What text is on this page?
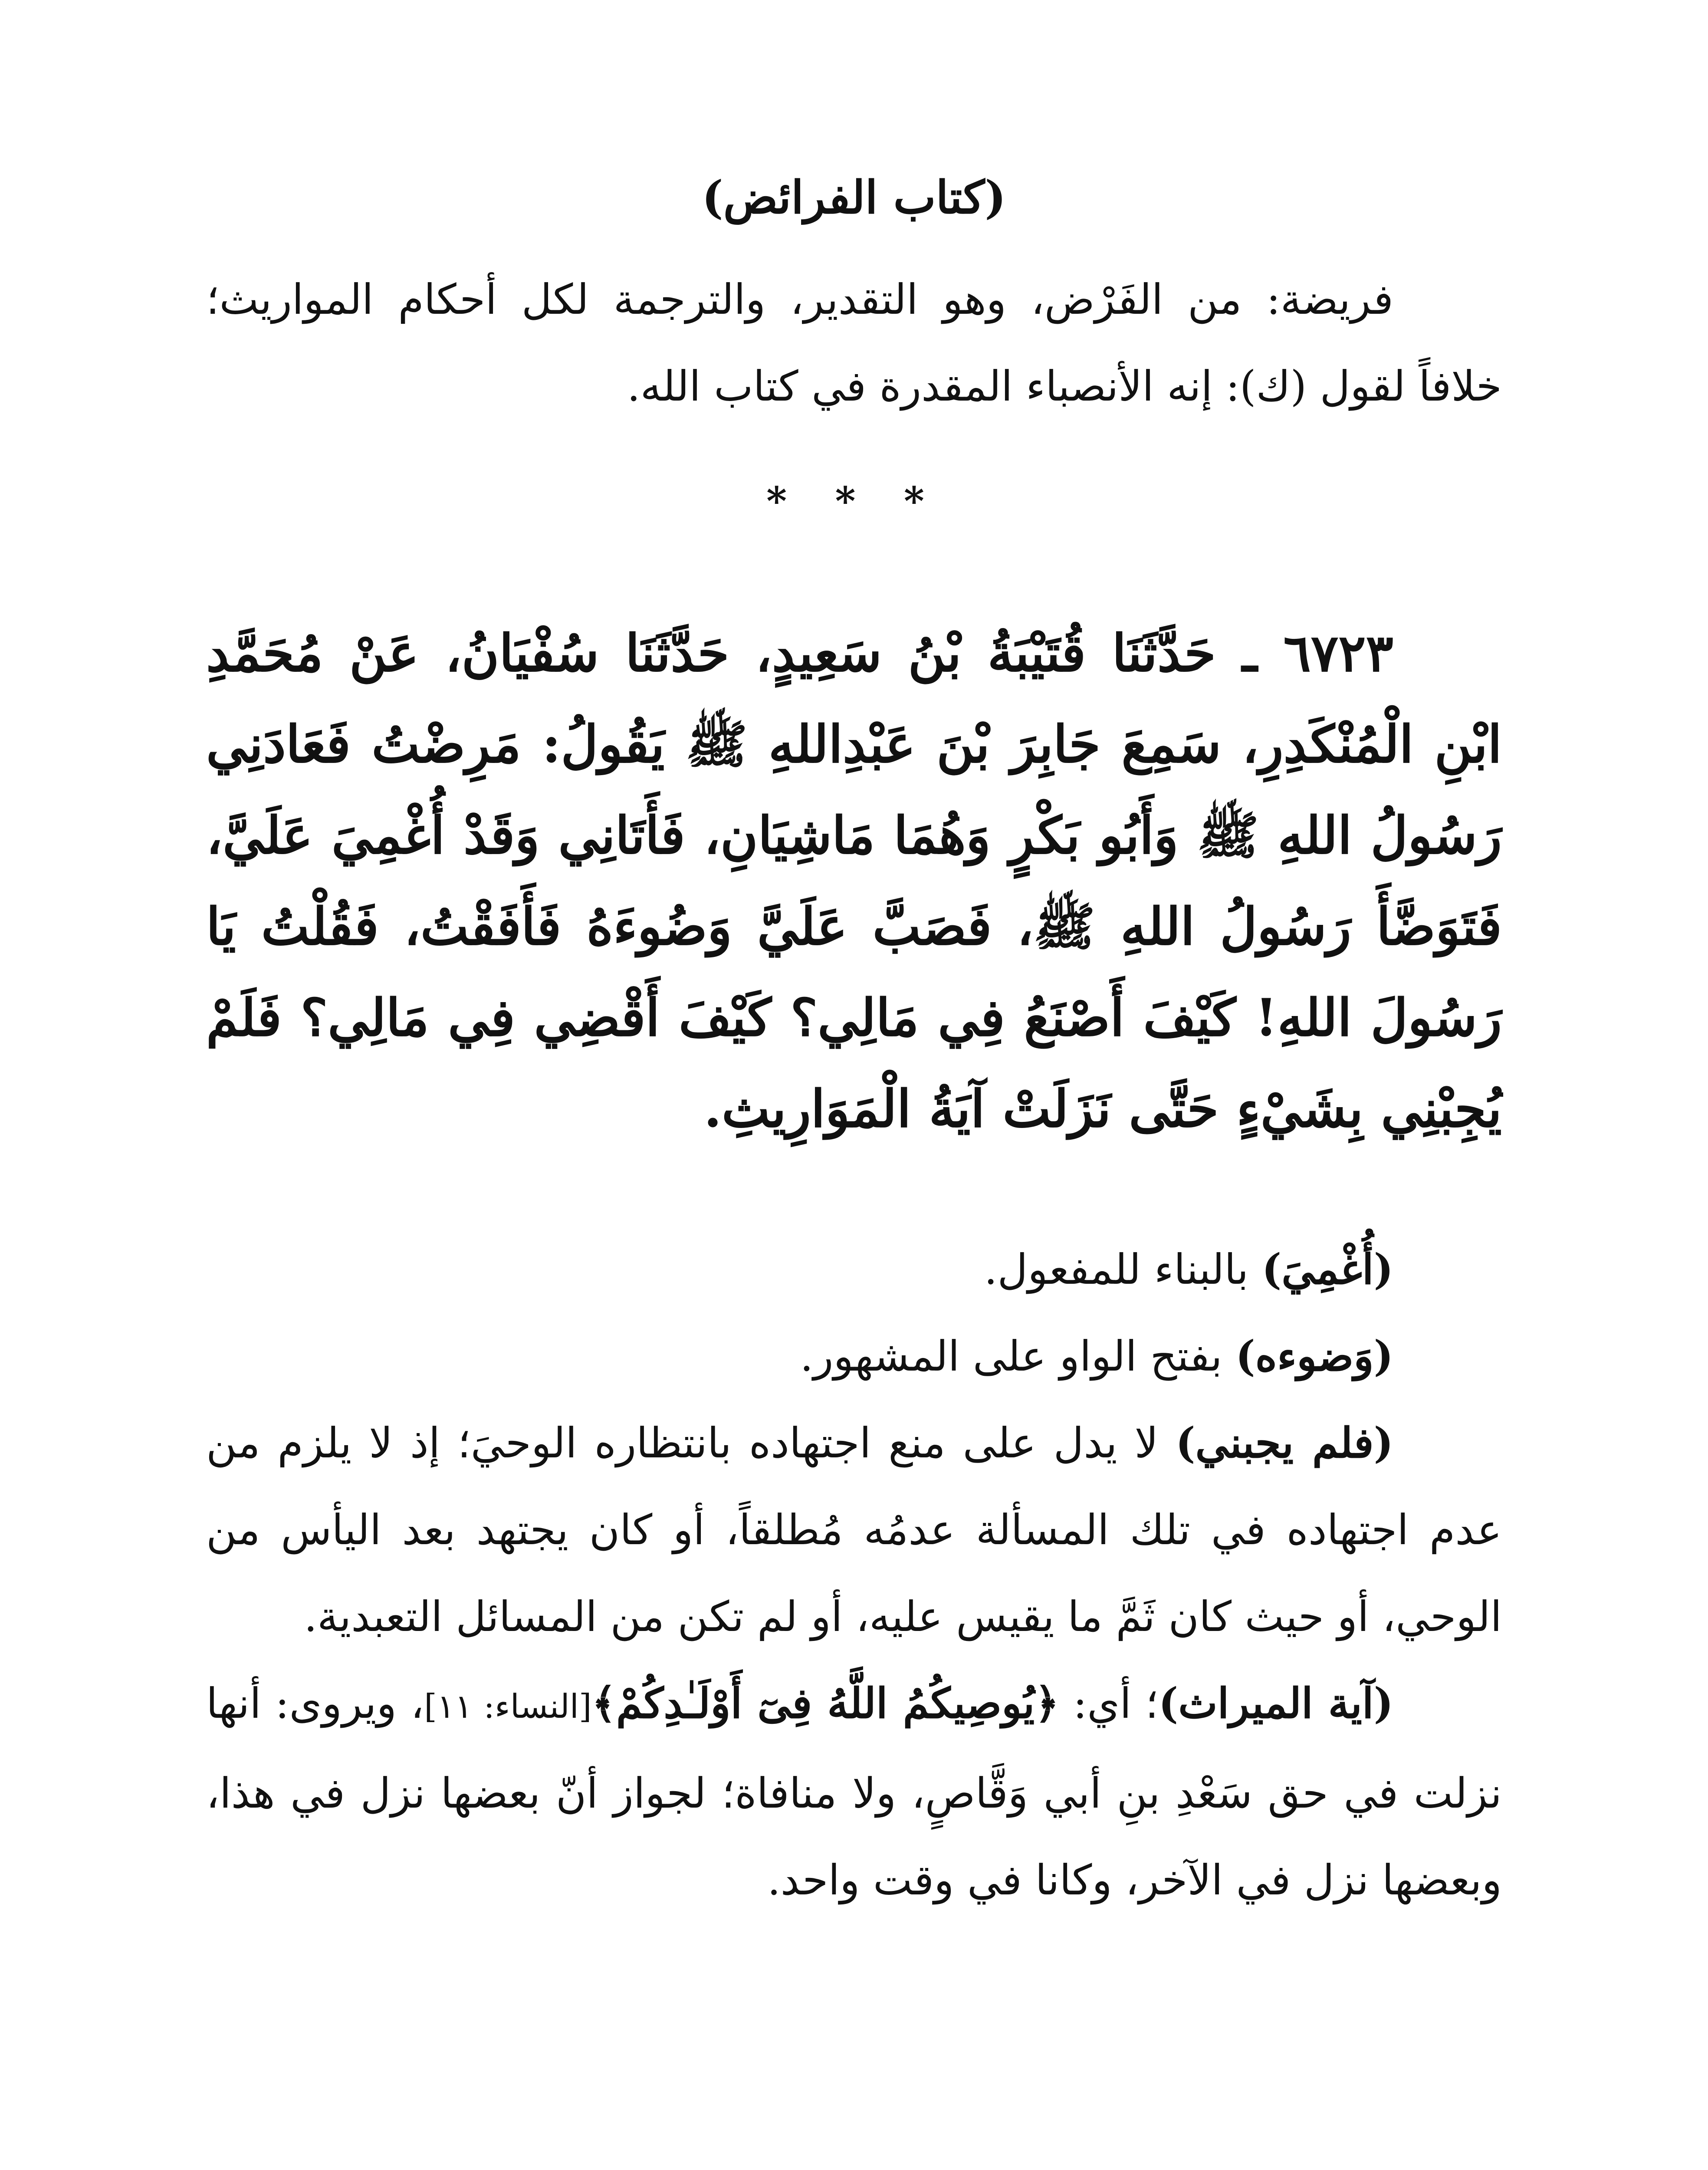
(كتاب الفرائض)

فريضة: من الفَرْض، وهو التقدير، والترجمة لكل أحكام المواريث؛ خلافاً لقول (ك): إنه الأنصباء المقدرة في كتاب الله.

* * *

٦٧٢٣ ـ حَدَّثَنَا قُتَيْبَةُ بْنُ سَعِيدٍ، حَدَّثَنَا سُفْيَانُ، عَنْ مُحَمَّدِ ابْنِ الْمُنْكَدِرِ، سَمِعَ جَابِرَ بْنَ عَبْدِاللهِ ﷺ يَقُولُ: مَرِضْتُ فَعَادَنِي رَسُولُ اللهِ ﷺ وَأَبُو بَكْرٍ وَهُمَا مَاشِيَانِ، فَأَتَانِي وَقَدْ أُغْمِيَ عَلَيَّ، فَتَوَضَّأَ رَسُولُ اللهِ ﷺ، فَصَبَّ عَلَيَّ وَضُوءَهُ فَأَفَقْتُ، فَقُلْتُ يَا رَسُولَ اللهِ! كَيْفَ أَصْنَعُ فِي مَالِي؟ كَيْفَ أَقْضِي فِي مَالِي؟ فَلَمْ يُجِبْنِي بِشَيْءٍ حَتَّى نَزَلَتْ آيَةُ الْمَوَارِيثِ.

(أُغْمِيَ) بالبناء للمفعول.

(وَضوءه) بفتح الواو على المشهور.

(فلم يجبني) لا يدل على منع اجتهاده بانتظاره الوحيَ؛ إذ لا يلزم من عدم اجتهاده في تلك المسألة عدمُه مُطلقاً، أو كان يجتهد بعد اليأس من الوحي، أو حيث كان ثَمَّ ما يقيس عليه، أو لم تكن من المسائل التعبدية.

(آية الميراث)؛ أي: ﴿يُوصِيكُمُ اللَّهُ فِىٓ أَوْلَـٰدِكُمْ﴾[النساء: ١١]، ويروى: أنها نزلت في حق سَعْدِ بنِ أبي وَقَّاصٍ، ولا منافاة؛ لجواز أنّ بعضها نزل في هذا، وبعضها نزل في الآخر، وكانا في وقت واحد.
